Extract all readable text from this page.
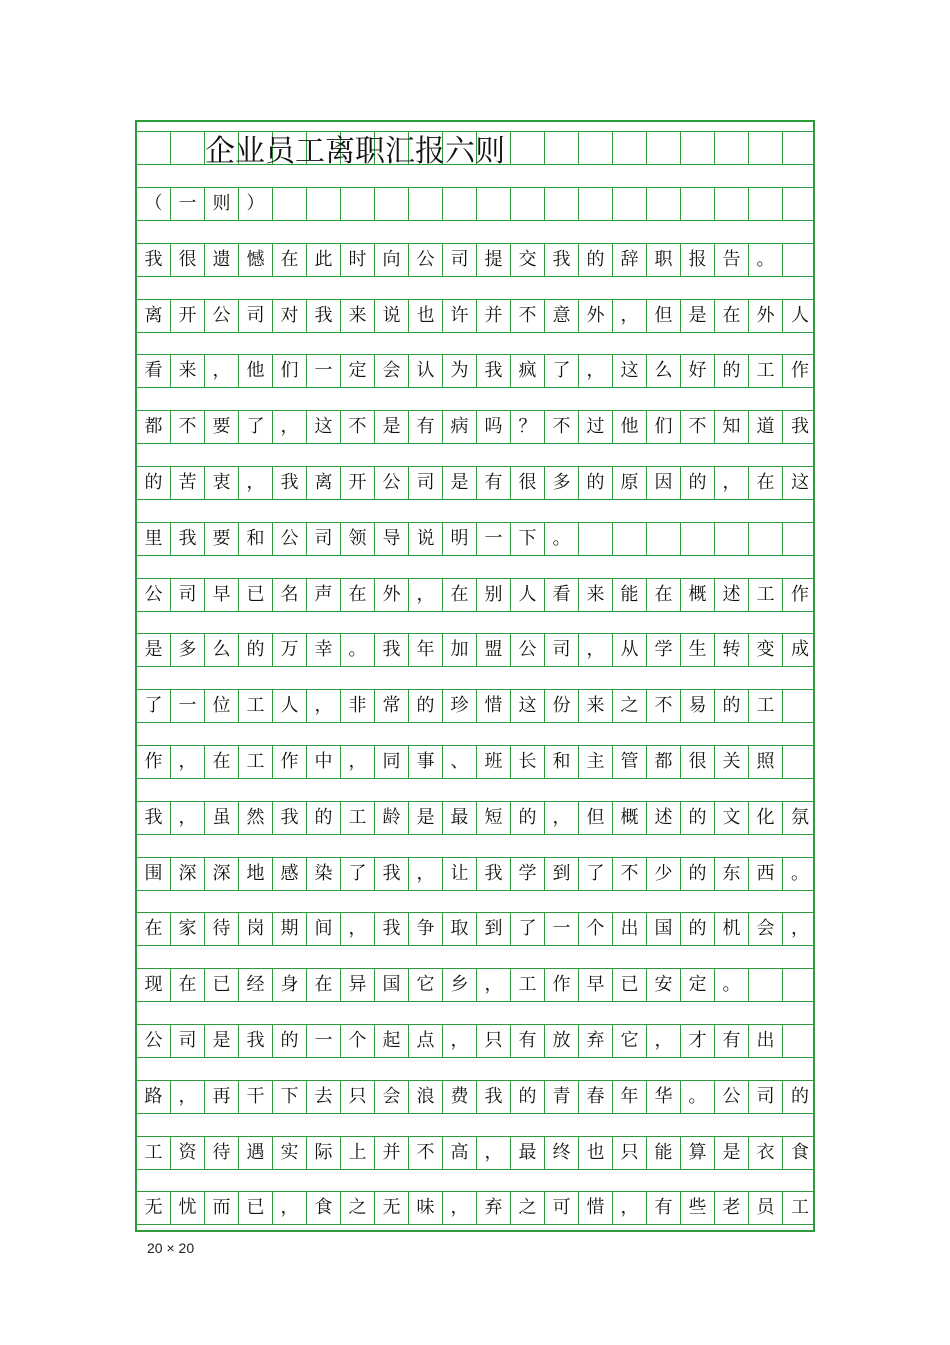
企业员工离职汇报六则
（ 一 则 ）
我 很 遗 憾 在 此 时 向 公 司 提 交 我 的 辞 职 报 告 。
离 开 公 司 对 我 来 说 也 许 并 不 意 外 ， 但 是 在 外 人
看 来 ， 他 们 一 定 会 认 为 我 疯 了 ， 这 么 好 的 工 作
都 不 要 了 ， 这 不 是 有 病 吗 ？ 不 过 他 们 不 知 道 我
的 苦 衷 ， 我 离 开 公 司 是 有 很 多 的 原 因 的 ， 在 这
里 我 要 和 公 司 领 导 说 明 一 下 。
公 司 早 已 名 声 在 外 ， 在 别 人 看 来 能 在 概 述 工 作
是 多 么 的 万 幸 。 我 年 加 盟 公 司 ， 从 学 生 转 变 成
了 一 位 工 人 ， 非 常 的 珍 惜 这 份 来 之 不 易 的 工
作 ， 在 工 作 中 ， 同 事 、 班 长 和 主 管 都 很 关 照
我 ， 虽 然 我 的 工 龄 是 最 短 的 ， 但 概 述 的 文 化 氛
围 深 深 地 感 染 了 我 ， 让 我 学 到 了 不 少 的 东 西 。
在 家 待 岗 期 间 ， 我 争 取 到 了 一 个 出 国 的 机 会 ，
现 在 已 经 身 在 异 国 它 乡 ， 工 作 早 已 安 定 。
公 司 是 我 的 一 个 起 点 ， 只 有 放 弃 它 ， 才 有 出
路 ， 再 干 下 去 只 会 浪 费 我 的 青 春 年 华 。 公 司 的
工 资 待 遇 实 际 上 并 不 高 ， 最 终 也 只 能 算 是 衣 食
无 忧 而 已 ， 食 之 无 味 ， 弃 之 可 惜 ， 有 些 老 员 工
20 × 20
